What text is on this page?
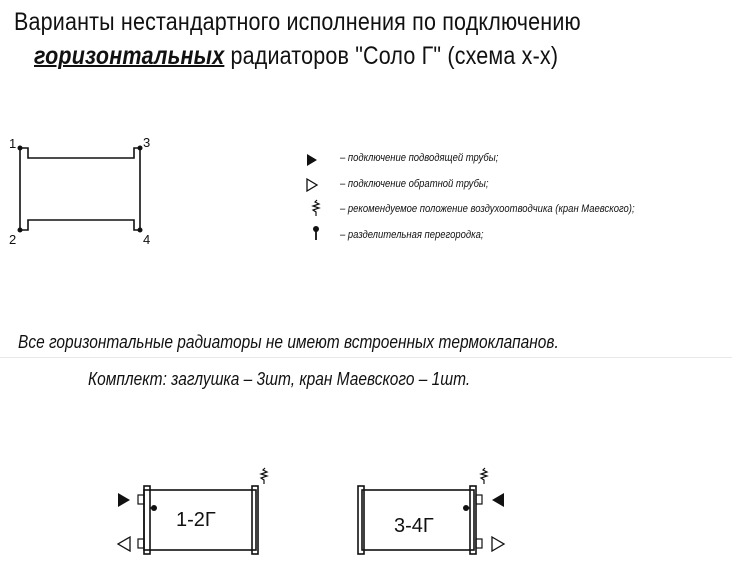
Варианты нестандартного исполнения по подключению
горизонтальных радиаторов "Соло Г" (схема х-х)
1
2
3
4
– подключение подводящей трубы;
– подключение обратной трубы;
– рекомендуемое положение воздухоотводчика (кран Маевского);
– разделительная перегородка;
Все горизонтальные радиаторы не имеют встроенных термоклапанов.
Комплект: заглушка – 3шт, кран Маевского – 1шт.
1-2Г	3-4Г
